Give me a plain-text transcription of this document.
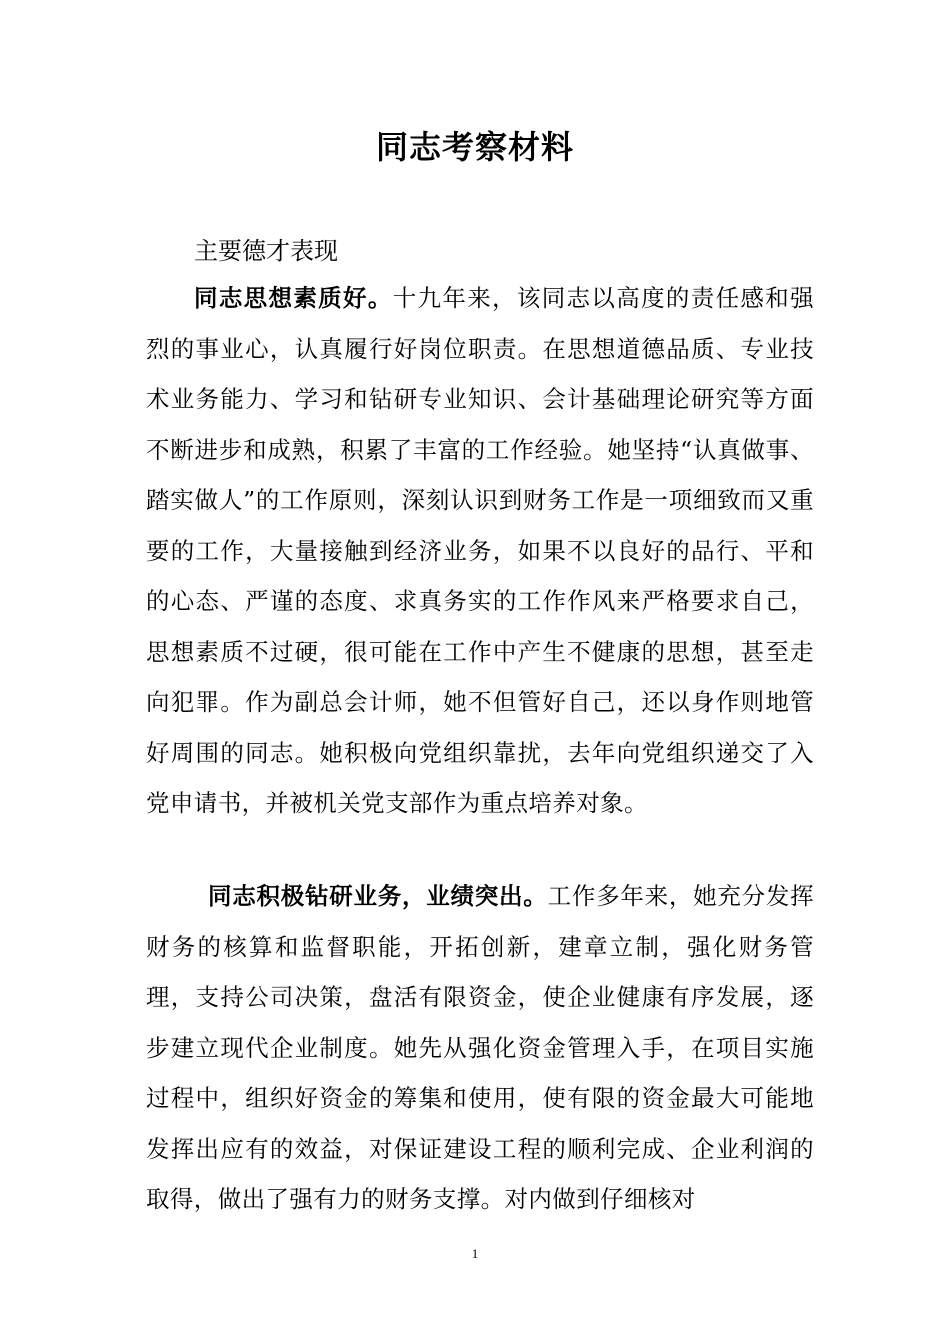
同志考察材料

主要德才表现

同志思想素质好。十九年来，该同志以高度的责任感和强烈的事业心，认真履行好岗位职责。在思想道德品质、专业技术业务能力、学习和钻研专业知识、会计基础理论研究等方面不断进步和成熟，积累了丰富的工作经验。她坚持“认真做事、踏实做人”的工作原则，深刻认识到财务工作是一项细致而又重要的工作，大量接触到经济业务，如果不以良好的品行、平和的心态、严谨的态度、求真务实的工作作风来严格要求自己，思想素质不过硬，很可能在工作中产生不健康的思想，甚至走向犯罪。作为副总会计师，她不但管好自己，还以身作则地管好周围的同志。她积极向党组织靠扰，去年向党组织递交了入党申请书，并被机关党支部作为重点培养对象。

同志积极钻研业务，业绩突出。工作多年来，她充分发挥财务的核算和监督职能，开拓创新，建章立制，强化财务管理，支持公司决策，盘活有限资金，使企业健康有序发展，逐步建立现代企业制度。她先从强化资金管理入手，在项目实施过程中，组织好资金的筹集和使用，使有限的资金最大可能地发挥出应有的效益，对保证建设工程的顺利完成、企业利润的取得，做出了强有力的财务支撑。对内做到仔细核对

1
